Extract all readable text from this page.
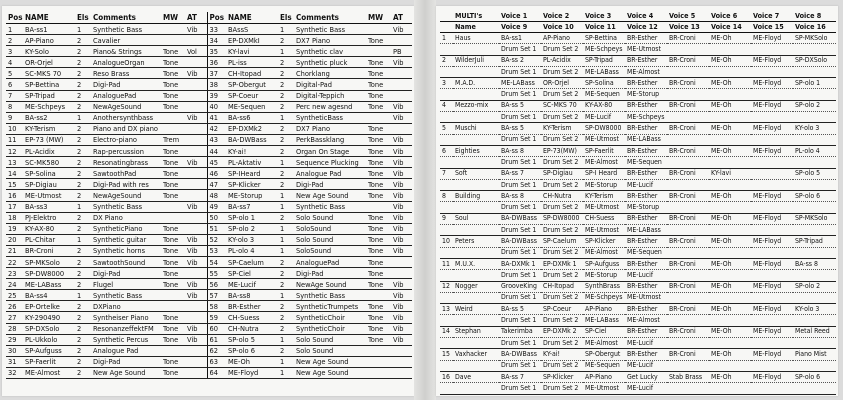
Pos	NAME	Els	Comments	MW	AT	Pos	NAME	Els	Comments	MW	AT
1	BA-ss1	1	Synthetic Bass		Vib	33	BAssS	1	Synthetic Bass		Vib
2	AP-Piano	2	Cavalier			34	EP-DXMkI	2	DX7 Piano	Tone	
3	KY-Solo	2	Piano& Strings	Tone	Vol	35	KY-lavi	1	Synthetic clav		PB
4	OR-Orjel	2	AnalogueOrgan	Tone		36	PL-iss	2	Synthetic pluck	Tone	Vib
5	SC-MKS 70	2	Reso Brass	Tone	Vib	37	CH-Itopad	2	Chorklang	Tone	
6	SP-Bettina	2	Digi-Pad	Tone		38	SP-Obergut	2	Digital-Pad	Tone	
7	SP-Tripad	2	AnaloguePad	Tone		39	SP-Coeur	2	Digital-Teppich	Tone	
8	ME-Schpeys	2	NewAgeSound	Tone		40	ME-Sequen	2	Perc new agesnd	Tone	Vib
9	BA-ss2	1	Anothersynthbass		Vib	41	BA-ss6	1	SyntheticBass		Vib
10	KY-Terism	2	Piano and DX piano			42	EP-DXMk2	2	DX7 Piano	Tone	
11	EP-73 (MW)	2	Electro-piano	Trem		43	BA-DWBass	2	PerkBassklang	Tone	Vib
12	PL-Acidix	2	Rap-percussion	Tone		44	KY-ai!	2	Organ On Stage	Tone	Vib
13	SC-MK580	2	Resonatingbrass	Tone	Vib	45	PL-Aktativ	1	Sequence Plucking	Tone	Vib
14	SP-Solina	2	SawtoothPad	Tone		46	SP-IHeard	2	Analogue Pad	Tone	Vib
15	SP-Digiau	2	Digi-Pad with res	Tone		47	SP-Klicker	2	Digi-Pad	Tone	Vib
16	ME-Utmost	2	NewAgeSound	Tone		48	ME-Storup	1	New Age Sound	Tone	Vib
17	BA-ss3	1	Synthetic Bass		Vib	49	BA-ss7	1	Synthetic Bass		Vib
18	PJ-Elektro	2	DX Piano			50	SP-olo 1	2	Solo Sound	Tone	Vib
19	KY-AX-80	2	SyntheticPiano	Tone		51	SP-olo 2	1	SoloSound	Tone	Vib
20	PL-Chitar	1	Synthetic guitar	Tone	Vib	52	KY-olo 3	1	Solo Sound	Tone	Vib
21	BR-Croni	2	Synthetic horns	Tone	Vib	53	PL-olo 4	1	SoloSound	Tone	Vib
22	SP-MKSolo	2	SawtoothSound	Tone	Vib	54	SP-Caelum	2	AnaloguePad	Tone	
23	SP-DW8000	2	Digi-Pad	Tone		55	SP-Ciel	2	Digi-Pad	Tone	
24	ME-LABass	2	Flugel	Tone	Vib	56	ME-Lucif	2	NewAge Sound	Tone	Vib
25	BA-ss4	1	Synthetic Bass		Vib	57	BA-ss8	1	Synthetic Bass		Vib
26	EP-Ortelke	2	DXPiano			58	BR-Esther	2	SyntheticTrumpets	Tone	Vib
27	KY-290490	2	Syntheiser Piano	Tone		59	CH-Suess	2	SyntheticChoir	Tone	Vib
28	SP-DXSolo	2	ResonanzeffektFM	Tone	Vib	60	CH-Nutra	2	SyntheticChoir	Tone	Vib
29	PL-Ukkolo	2	Synthetic Percus	Tone	Vib	61	SP-olo 5	1	Solo Sound	Tone	Vib
30	SP-Aufguss	2	Analogue Pad			62	SP-olo 6	2	Solo Sound		
31	SP-Faerlit	2	Digi-Pad	Tone		63	ME-Oh	1	New Age Sound		
32	ME-Almost	2	New Age Sound	Tone		64	ME-Floyd	1	New Age Sound		
	MULTI's	Voice 1	Voice 2	Voice 3	Voice 4	Voice 5	Voice 6	Voice 7	Voice 8
	Name	Voice 9	Voice 10	Voice 11	Voice 12	Voice 13	Voice 14	Voice 15	Voice 16
1	Haus	BA-ss1	AP-Piano	SP-Bettina	BR-Esther	BR-Croni	ME-Oh	ME-Floyd	SP-MKSolo
		Drum Set 1	Drum Set 2	ME-Schpeys	ME-Utmost				
2	WilderJuli	BA-ss 2	PL-Acidix	SP-Tripad	BR-Esther	BR-Croni	ME-Oh	ME-Floyd	SP-DXSolo
		Drum Set 1	Drum Set 2	ME-LABass	ME-Almost				
3	M.A.D.	ME-LABass	OR-Orjel	SP-Solina	BR-Esther	BR-Croni	ME-Oh	ME-Floyd	SP-olo 1
		Drum Set 1	Drum Set 2	ME-Sequen	ME-Storup				
4	Mezzo-mix	BA-ss 5	SC-MKS 70	KY-AX-80	BR-Esther	BR-Croni	ME-Oh	ME-Floyd	SP-olo 2
		Drum Set 1	Drum Set 2	ME-Lucif	ME-Schpeys				
5	Muschi	BA-ss 5	KY-Terism	SP-DW8000	BR-Esther	BR-Croni	ME-Oh	ME-Floyd	KY-olo 3
		Drum Set 1	Drum Set 2	ME-Utmost	ME-LABass				
6	Eighties	BA-ss 8	EP-73(MW)	SP-Faerlit	BR-Esther	BR-Croni	ME-Oh	ME-Floyd	PL-olo 4
		Drum Set 1	Drum Set 2	ME-Almost	ME-Sequen				
7	Soft	BA-ss 7	SP-Digiau	SP-I Heard	BR-Esther	BR-Croni	KY-lavi		SP-olo 5
		Drum Set 1	Drum Set 2	ME-Storup	ME-Lucif				
8	Building	BA-ss 8	CH-Nutra	KY-Terism	BR-Esther	BR-Croni	ME-Oh	ME-Floyd	SP-olo 6
		Drum Set 1	Drum Set 2	ME-Utmost	ME-Storup				
9	Soul	BA-DWBass	SP-DW8000	CH-Suess	BR-Esther	BR-Croni	ME-Oh	ME-Floyd	SP-MKSolo
		Drum Set 1	Drum Set 2	ME-Utmost	ME-LABass				
10	Peters	BA-DWBass	SP-Caelum	SP-Klicker	BR-Esther	BR-Croni	ME-Oh	ME-Floyd	SP-Tripad
		Drum Set 1	Drum Set 2	ME-Almost	ME-Sequen				
11	M.U.X.	BA-DXMk 1	EP-DXMk 1	SP-Aufguss	BR-Esther	BR-Croni	ME-Oh	ME-Floyd	BA-ss 8
		Drum Set 1	Drum Set 2	ME-Storup	ME-Lucif				
12	Nogger	GrooveKing	CH-Itopad	SynthBrass	BR-Esther	BR-Croni	ME-Oh	ME-Floyd	SP-olo 2
		Drum Set 1	Drum Set 2	ME-Schpeys	ME-Utmost				
13	Weird	BA-ss 5	SP-Coeur	AP-Piano	BR-Esther	BR-Croni	ME-Oh	ME-Floyd	KY-olo 3
		Drum Set 1	Drum Set 2	ME-LABass	ME-Almost				
14	Stephan	Takerimba	EP-DXMk 2	SP-Ciel	BR-Esther	BR-Croni	ME-Oh	ME-Floyd	Metal Reed
		Drum Set 1	Drum Set 2	ME-Almost	ME-Lucif				
15	Vaxhacker	BA-DWBass	KY-ai!	SP-Obergut	BR-Esther	BR-Croni	ME-Oh	ME-Floyd	Piano Mist
		Drum Set 1	Drum Set 2	ME-Sequen	ME-Lucif				
16	Dave	BA-ss 7	SP-Klicker	AP-Piano	Get Lucky	Stab Brass	ME-Oh	ME-Floyd	SP-olo 6
		Drum Set 1	Drum Set 2	ME-Utmost	ME-Lucif				
